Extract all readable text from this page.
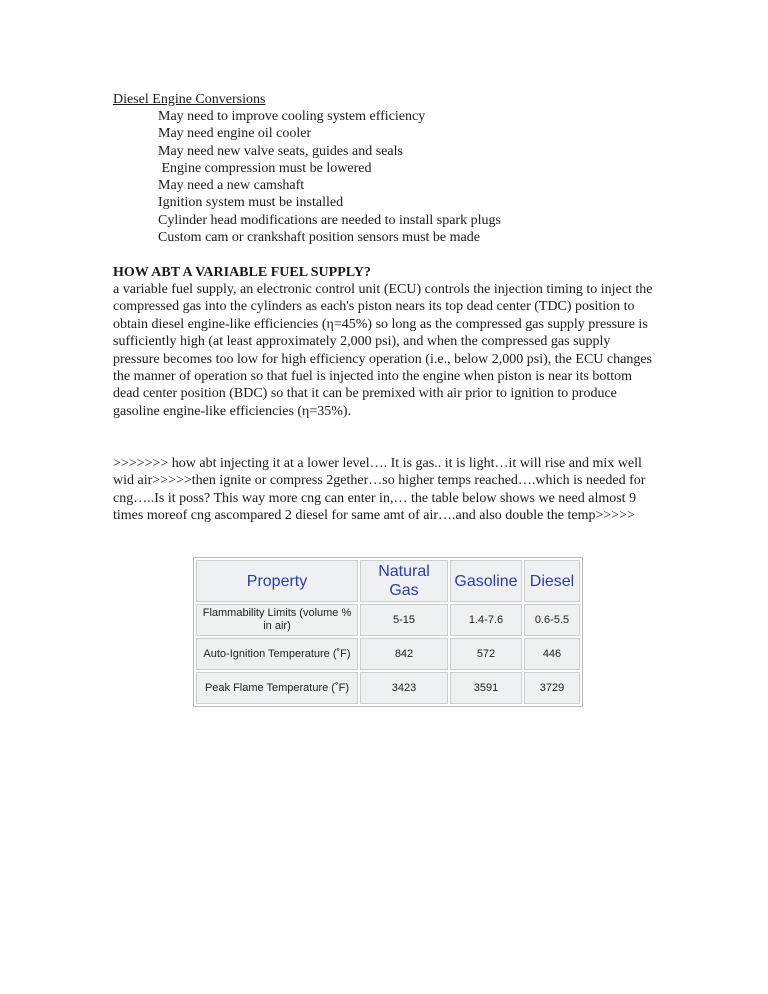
Diesel Engine Conversions
May need to improve cooling system efficiency
May need engine oil cooler
May need new valve seats, guides and seals
Engine compression must be lowered
May need a new camshaft
Ignition system must be installed
Cylinder head modifications are needed to install spark plugs
Custom cam or crankshaft position sensors must be made
HOW ABT A VARIABLE FUEL SUPPLY?

a variable fuel supply, an electronic control unit (ECU) controls the injection timing to inject the compressed gas into the cylinders as each's piston nears its top dead center (TDC) position to obtain diesel engine-like efficiencies (η=45%) so long as the compressed gas supply pressure is sufficiently high (at least approximately 2,000 psi), and when the compressed gas supply pressure becomes too low for high efficiency operation (i.e., below 2,000 psi), the ECU changes the manner of operation so that fuel is injected into the engine when piston is near its bottom dead center position (BDC) so that it can be premixed with air prior to ignition to produce gasoline engine-like efficiencies (η=35%).

>>>>>>> how abt injecting it at a lower level…. It is gas.. it is light…it will rise and mix well wid air>>>>>then ignite or compress 2gether…so higher temps reached….which is needed for cng…..Is it poss? This way more cng can enter in,… the table below shows we need almost 9 times moreof cng ascompared 2 diesel for same amt of air….and also double the temp>>>>>

Property	Natural Gas	Gasoline	Diesel
Flammability Limits (volume % in air)	5-15	1.4-7.6	0.6-5.5
Auto-Ignition Temperature (˚F)	842	572	446
Peak Flame Temperature (˚F)	3423	3591	3729
